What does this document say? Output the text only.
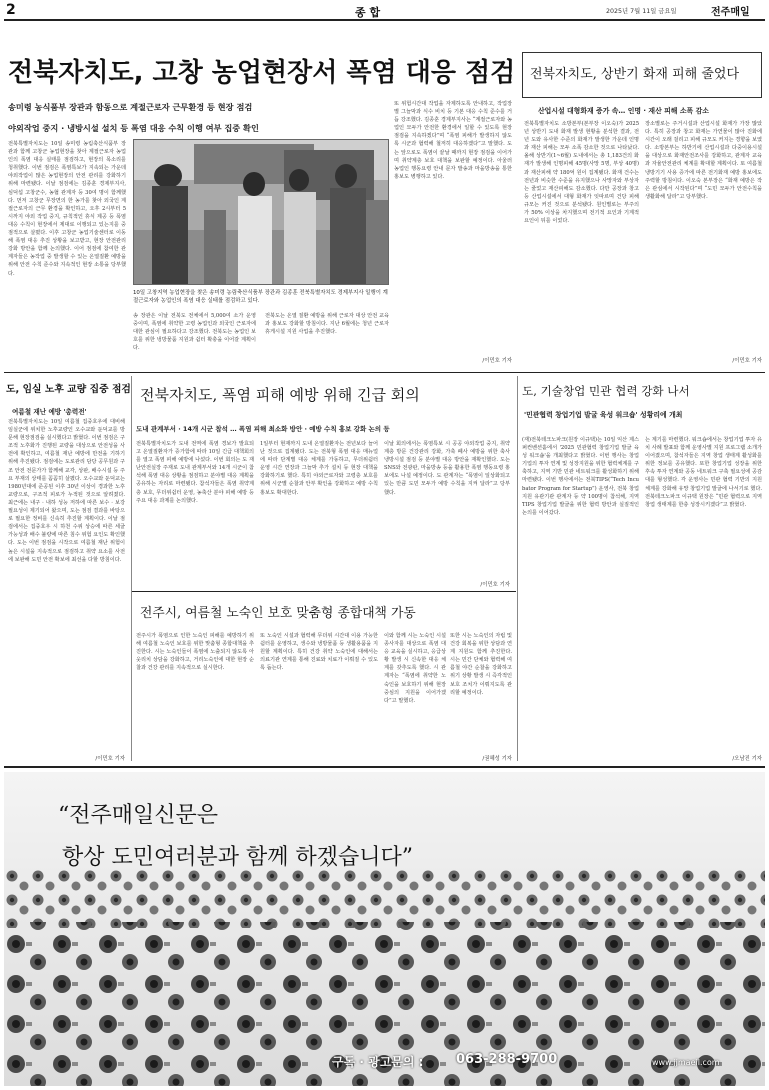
2	종 합	2025년 7월 11일 금요일	전주매일
전북자치도, 고창 농업현장서 폭염 대응 점검
송미령 농식품부 장관과 함동으로 계절근로자 근무환경 등 현장 점검
야외작업 중지 · 냉방시설 설치 등 폭염 대응 수칙 이행 여부 집중 확인
전북특별자치도는 10일 송미령 농림축산식품부 장관과 함께 고창군 농업현장을 찾아 계절근로자 농업인의 폭염 대응 실태를 점검하고, 현장의 목소리를 청취했다. 이번 점검은 폭염특보가 지속되는 가운데 야외작업이 많은 농업현장의 안전 관리를 강화하기 위해 마련됐다. 이날 점검에는 김종훈 경제부지사, 심덕섭 고창군수, 농협 관계자 등 30여 명이 함께했다. 먼저 고창군 무장면의 한 농가를 찾아 외국인 계절근로자의 근무 환경을 확인하고, 오후 2시부터 5시까지 야외 작업 중지, 규칙적인 휴식 제공 등 폭염 대응 수칙이 현장에서 제대로 이행되고 있는지를 중점적으로 살폈다. 이후 고창군 농업기술센터로 이동해 폭염 대응 추진 상황을 보고받고, 현장 안전관리 강화 방안을 함께 논의했다. 이어 점검에 참여한 관계자들은 농작업 중 발생할 수 있는 온열질환 예방을 위해 안전 수칙 준수와 지속적인 현장 소통을 당부했다.
10일 고창지역 농업현장을 찾은 송미령 농림축산식품부 장관과 김종훈 전북특별자치도 경제부지사 일행이 계절근로자와 농업인의 폭염 대응 실태를 점검하고 있다.
송 장관은 이날 전북도 전체에서 5,000여 소가 운영 중이며, 폭염에 취약한 고령 농업인과 외국인 근로자에 대한 관심이 필요하다고 강조했다. 전북도는 농업인 보호를 위한 냉방물품 지원과 쉼터 확충을 이어갈 계획이다.
전북도는 온열 질환 예방을 위해 근로자 대상 안전 교육과 홍보도 강화할 방침이다. 지난 6월에는 청년 근로자 휴게시설 지원 사업을 추진했다.
또 위험시간대 작업을 자제하도록 안내하고, 작업장별 그늘막과 식수 비치 등 기본 대응 수칙 준수를 거듭 강조했다. 김종훈 경제부지사는 “계절근로자와 농업인 모두가 안전한 환경에서 일할 수 있도록 현장 점검을 지속하겠다”며 “폭염 피해가 발생하지 않도록 시군과 협력해 철저히 대응하겠다”고 말했다. 도는 앞으로도 폭염이 끝날 때까지 현장 점검을 이어가며 취약계층 보호 대책을 보완할 예정이다. 아울러 농업인 행동요령 안내 문자 발송과 마을방송을 통한 홍보도 병행하고 있다.
/이민호 기자
전북자치도, 상반기 화재 피해 줄었다
산업시설 대형화재 증가 속… 인명 · 재산 피해 소폭 감소
전북특별자치도 소방본부(본부장 이오숙)가 2025년 상반기 도내 화재 발생 현황을 분석한 결과, 전년 도와 유사한 수준의 화재가 발생한 가운데 인명과 재산 피해는 모두 소폭 감소한 것으로 나타났다. 올해 상반기(1~6월) 도내에서는 총 1,183건의 화재가 발생해 인명피해 45명(사망 5명, 부상 40명)과 재산피해 약 180억 원이 집계됐다. 화재 건수는 전년과 비슷한 수준을 유지했으나 사망자와 부상자는 줄었고 재산피해도 감소했다. 다만 공장과 창고 등 산업시설에서 대형 화재가 잇따르며 건당 피해 규모는 커진 것으로 분석됐다. 원인별로는 부주의가 50% 이상을 차지했으며 전기적 요인과 기계적 요인이 뒤를 이었다.
장소별로는 주거시설과 산업시설 화재가 가장 많았다. 특히 공장과 창고 화재는 가연물이 많아 진화에 시간이 오래 걸리고 피해 규모도 커지는 경향을 보였다. 소방본부는 하반기에 산업시설과 다중이용시설을 대상으로 화재안전조사를 강화하고, 관계자 교육과 자율안전관리 체계를 확대할 계획이다. 또 여름철 냉방기기 사용 증가에 따른 전기화재 예방 홍보에도 주력할 방침이다. 이오숙 본부장은 “화재 예방은 작은 관심에서 시작된다”며 “도민 모두가 안전수칙을 생활화해 달라”고 당부했다.
/이민호 기자
도, 임실 노후 교량 집중 점검
여름철 재난 예방 '총력전'
전북특별자치도는 10일 여름철 집중호우에 대비해 임실군에 위치한 노후교량인 오수교와 둔덕교를 방문해 현장점검을 실시했다고 밝혔다. 이번 점검은 구조적 노후화가 진행된 교량을 대상으로 안전성을 사전에 확인하고, 여름철 재난 예방에 만전을 기하기 위해 추진됐다. 점검에는 도로관리 담당 공무원과 구조 안전 전문가가 함께해 교각, 상판, 배수시설 등 주요 부재의 상태를 꼼꼼히 살폈다. 오수교와 둔덕교는 1980년대에 준공된 이후 30년 이상이 경과한 노후 교량으로, 구조적 피로가 누적된 것으로 알려졌다. 최근에는 내구 · 내하 성능 저하에 따른 보수 · 보강 필요성이 제기되어 왔으며, 도는 점검 결과를 바탕으로 필요한 정비를 신속히 추진할 계획이다. 이날 점검에서는 집중호우 시 하천 수위 상승에 따른 세굴 가능성과 배수 불량에 따른 침수 위험 요인도 확인했다. 도는 이번 점검을 시작으로 여름철 재난 위험이 높은 시설을 지속적으로 점검하고 취약 요소를 사전에 보완해 도민 안전 확보에 최선을 다할 방침이다.
/이민호 기자
전북자치도, 폭염 피해 예방 위해 긴급 회의
도내 관계부서 · 14개 시군 참석 … 폭염 피해 최소화 방안 · 예방 수칙 홍보 강화 논의 등
전북특별자치도가 도내 전역에 폭염 경보가 발효되고 온열질환자가 증가함에 따라 10일 긴급 대책회의를 열고 폭염 피해 예방에 나섰다. 이번 회의는 도 재난안전실장 주재로 도내 관계부서와 14개 시군이 참석해 폭염 대응 상황을 점검하고 분야별 대응 계획을 공유하는 자리로 마련됐다. 참석자들은 폭염 취약계층 보호, 무더위쉼터 운영, 농축산 분야 피해 예방 등 주요 대응 과제를 논의했다.
1일부터 현재까지 도내 온열질환자는 전년보다 늘어난 것으로 집계됐다. 도는 전북형 폭염 대응 매뉴얼에 따라 단계별 대응 체계를 가동하고, 무더위쉼터 운영 시간 연장과 그늘막 추가 설치 등 현장 대책을 강화하기로 했다. 특히 야외근로자와 고령층 보호를 위해 시군별 순찰과 안부 확인을 강화하고 예방 수칙 홍보도 확대한다.
이날 회의에서는 폭염특보 시 공공 야외작업 중지, 취약계층 방문 건강관리 강화, 가축 폐사 예방을 위한 축사 냉방시설 점검 등 분야별 대응 방안을 재확인했다. 도는 SNS와 전광판, 마을방송 등을 활용한 폭염 행동요령 홍보에도 나설 예정이다. 도 관계자는 “폭염이 일상화되고 있는 만큼 도민 모두가 예방 수칙을 지켜 달라”고 당부했다.
/이민호 기자
전주시, 여름철 노숙인 보호 맞춤형 종합대책 가동
전주시가 폭염으로 인한 노숙인 피해를 예방하기 위해 여름철 노숙인 보호를 위한 맞춤형 종합대책을 추진한다. 시는 노숙인들이 폭염에 노출되지 않도록 아웃리치 상담을 강화하고, 거리노숙인에 대한 현장 순찰과 건강 관리를 지속적으로 실시한다.
또 노숙인 시설과 협력해 무더위 시간대 이용 가능한 쉼터를 운영하고, 생수와 냉방물품 등 생활용품을 지원할 계획이다. 특히 건강 취약 노숙인에 대해서는 의료기관 연계를 통해 진료와 치료가 이뤄질 수 있도록 돕는다.
이와 함께 시는 노숙인 시설 종사자를 대상으로 폭염 대응 교육을 실시하고, 응급상황 발생 시 신속한 대응 체계를 갖추도록 했다. 시 관계자는 “폭염에 취약한 노숙인을 보호하기 위해 현장 중심의 지원을 이어가겠다”고 말했다.
또한 시는 노숙인의 자립 및 건강 회복을 위한 상담과 연계 지원도 함께 추진한다. 시는 민간 단체와 협력해 여름철 야간 순찰을 강화하고 위기 상황 발생 시 즉각적인 보호 조치가 이뤄지도록 관리할 예정이다.
/권혜성 기자
도, 기술창업 민관 협력 강화 나서
'민관협력 창업기업 발굴 육성 워크숍' 성황리에 개최
(재)전북테크노파크(원장 이규택)는 10일 익산 제스퍼컨벤션홀에서 '2025 민관협력 창업기업 발굴 육성 워크숍'을 개최했다고 밝혔다. 이번 행사는 창업기업의 투자 연계 및 성장지원을 위한 협력체계를 구축하고, 지역 기반 민관 네트워크를 활성화하기 위해 마련됐다. 이번 행사에서는 전북TIPS(“Tech Incubator Program for Startup”) 운영사, 전북 창업지원 유관기관 관계자 등 약 100명이 참석해, 지역 TIPS 창업기업 발굴을 위한 협력 방안과 실질적인 논의를 이어갔다.
는 계기를 마련했다. 워크숍에서는 창업기업 투자 유치 사례 발표와 함께 운영사별 지원 프로그램 소개가 이어졌으며, 참석자들은 지역 창업 생태계 활성화를 위한 정보를 공유했다. 또한 창업기업 성장을 위한 후속 투자 연계와 공동 네트워크 구축 필요성에 공감대를 형성했다. 각 운영사는 민관 협력 기반의 지원 체계를 강화해 유망 창업기업 발굴에 나서기로 했다. 전북테크노파크 이규택 원장은 “민관 협력으로 지역 창업 생태계를 한층 성장시키겠다”고 밝혔다.
/오남진 기자
“전주매일신문은
항상 도민여러분과 함께 하겠습니다”
구독 · 광고문의 :	063-288-9700	www.jjmaeil.com
